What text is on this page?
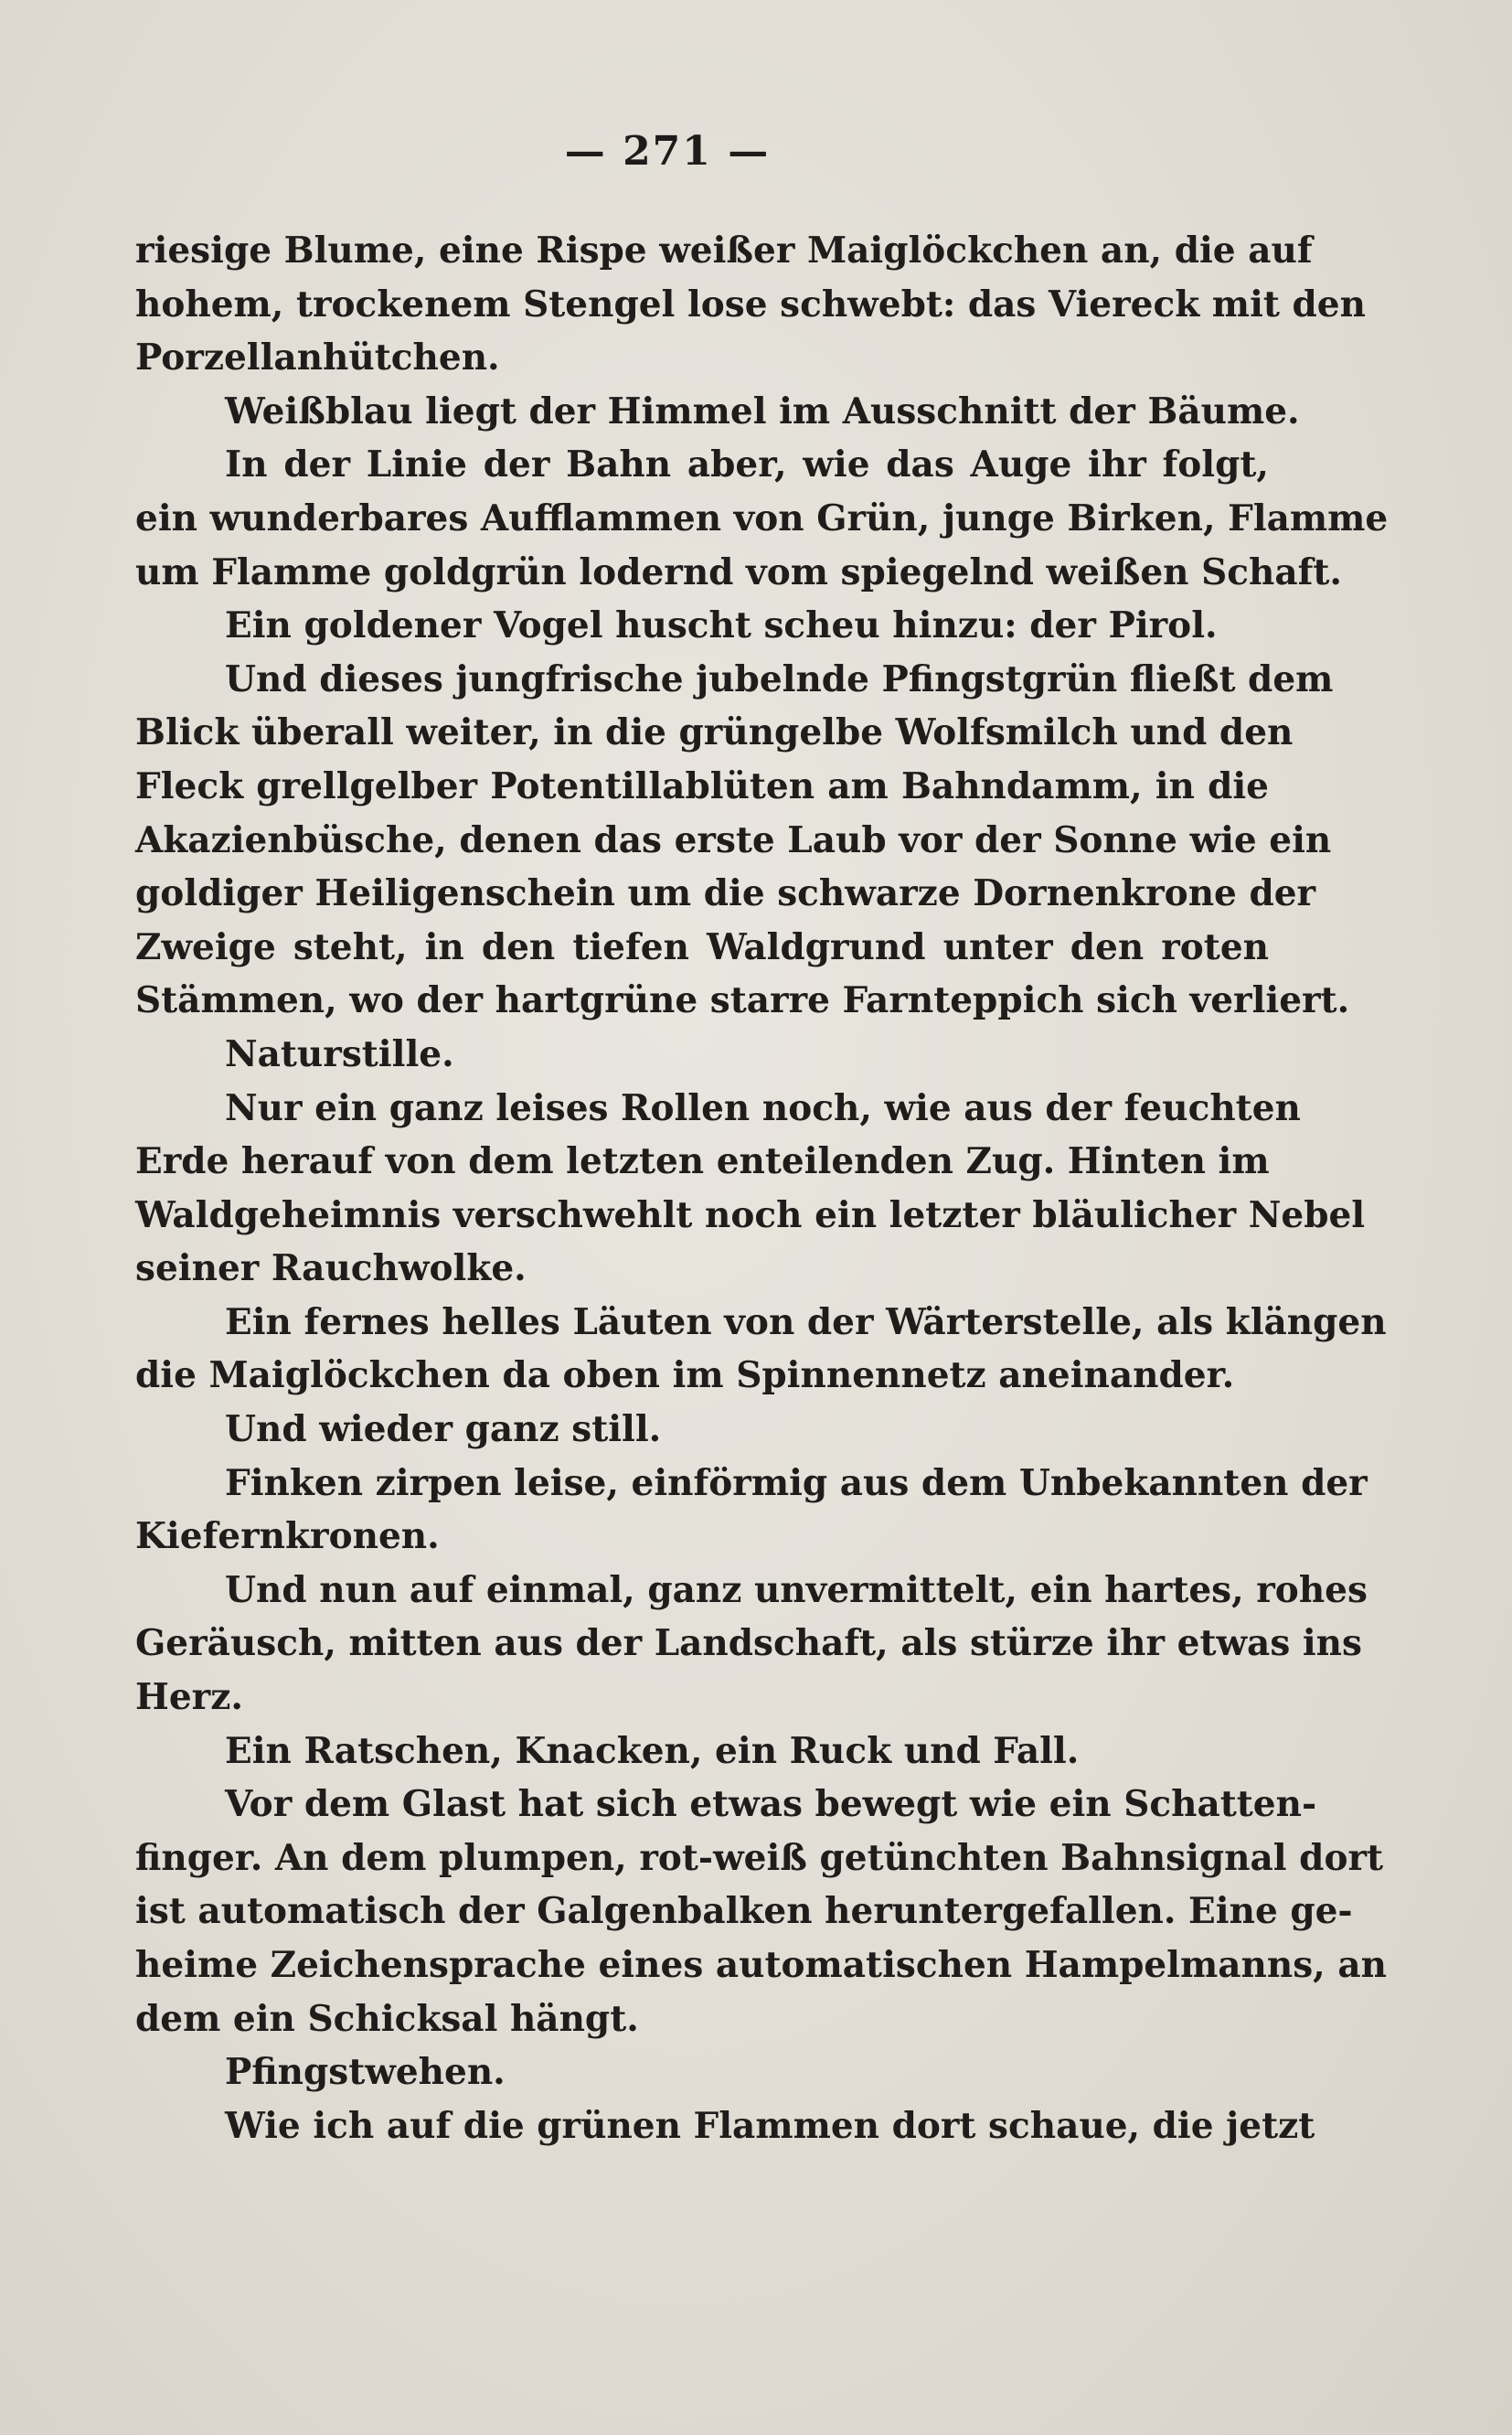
— 271 —
riesige Blume, eine Rispe weißer Maiglöckchen an, die auf
hohem, trockenem Stengel lose schwebt: das Viereck mit den
Porzellanhütchen.
Weißblau liegt der Himmel im Ausschnitt der Bäume.
In der Linie der Bahn aber, wie das Auge ihr folgt,
ein wunderbares Aufflammen von Grün, junge Birken, Flamme
um Flamme goldgrün lodernd vom spiegelnd weißen Schaft.
Ein goldener Vogel huscht scheu hinzu: der Pirol.
Und dieses jungfrische jubelnde Pfingstgrün fließt dem
Blick überall weiter, in die grüngelbe Wolfsmilch und den
Fleck grellgelber Potentillablüten am Bahndamm, in die
Akazienbüsche, denen das erste Laub vor der Sonne wie ein
goldiger Heiligenschein um die schwarze Dornenkrone der
Zweige steht, in den tiefen Waldgrund unter den roten
Stämmen, wo der hartgrüne starre Farnteppich sich verliert.
Naturstille.
Nur ein ganz leises Rollen noch, wie aus der feuchten
Erde herauf von dem letzten enteilenden Zug. Hinten im
Waldgeheimnis verschwehlt noch ein letzter bläulicher Nebel
seiner Rauchwolke.
Ein fernes helles Läuten von der Wärterstelle, als klängen
die Maiglöckchen da oben im Spinnennetz aneinander.
Und wieder ganz still.
Finken zirpen leise, einförmig aus dem Unbekannten der
Kiefernkronen.
Und nun auf einmal, ganz unvermittelt, ein hartes, rohes
Geräusch, mitten aus der Landschaft, als stürze ihr etwas ins
Herz.
Ein Ratschen, Knacken, ein Ruck und Fall.
Vor dem Glast hat sich etwas bewegt wie ein Schatten-
finger. An dem plumpen, rot-weiß getünchten Bahnsignal dort
ist automatisch der Galgenbalken heruntergefallen. Eine ge-
heime Zeichensprache eines automatischen Hampelmanns, an
dem ein Schicksal hängt.
Pfingstwehen.
Wie ich auf die grünen Flammen dort schaue, die jetzt
